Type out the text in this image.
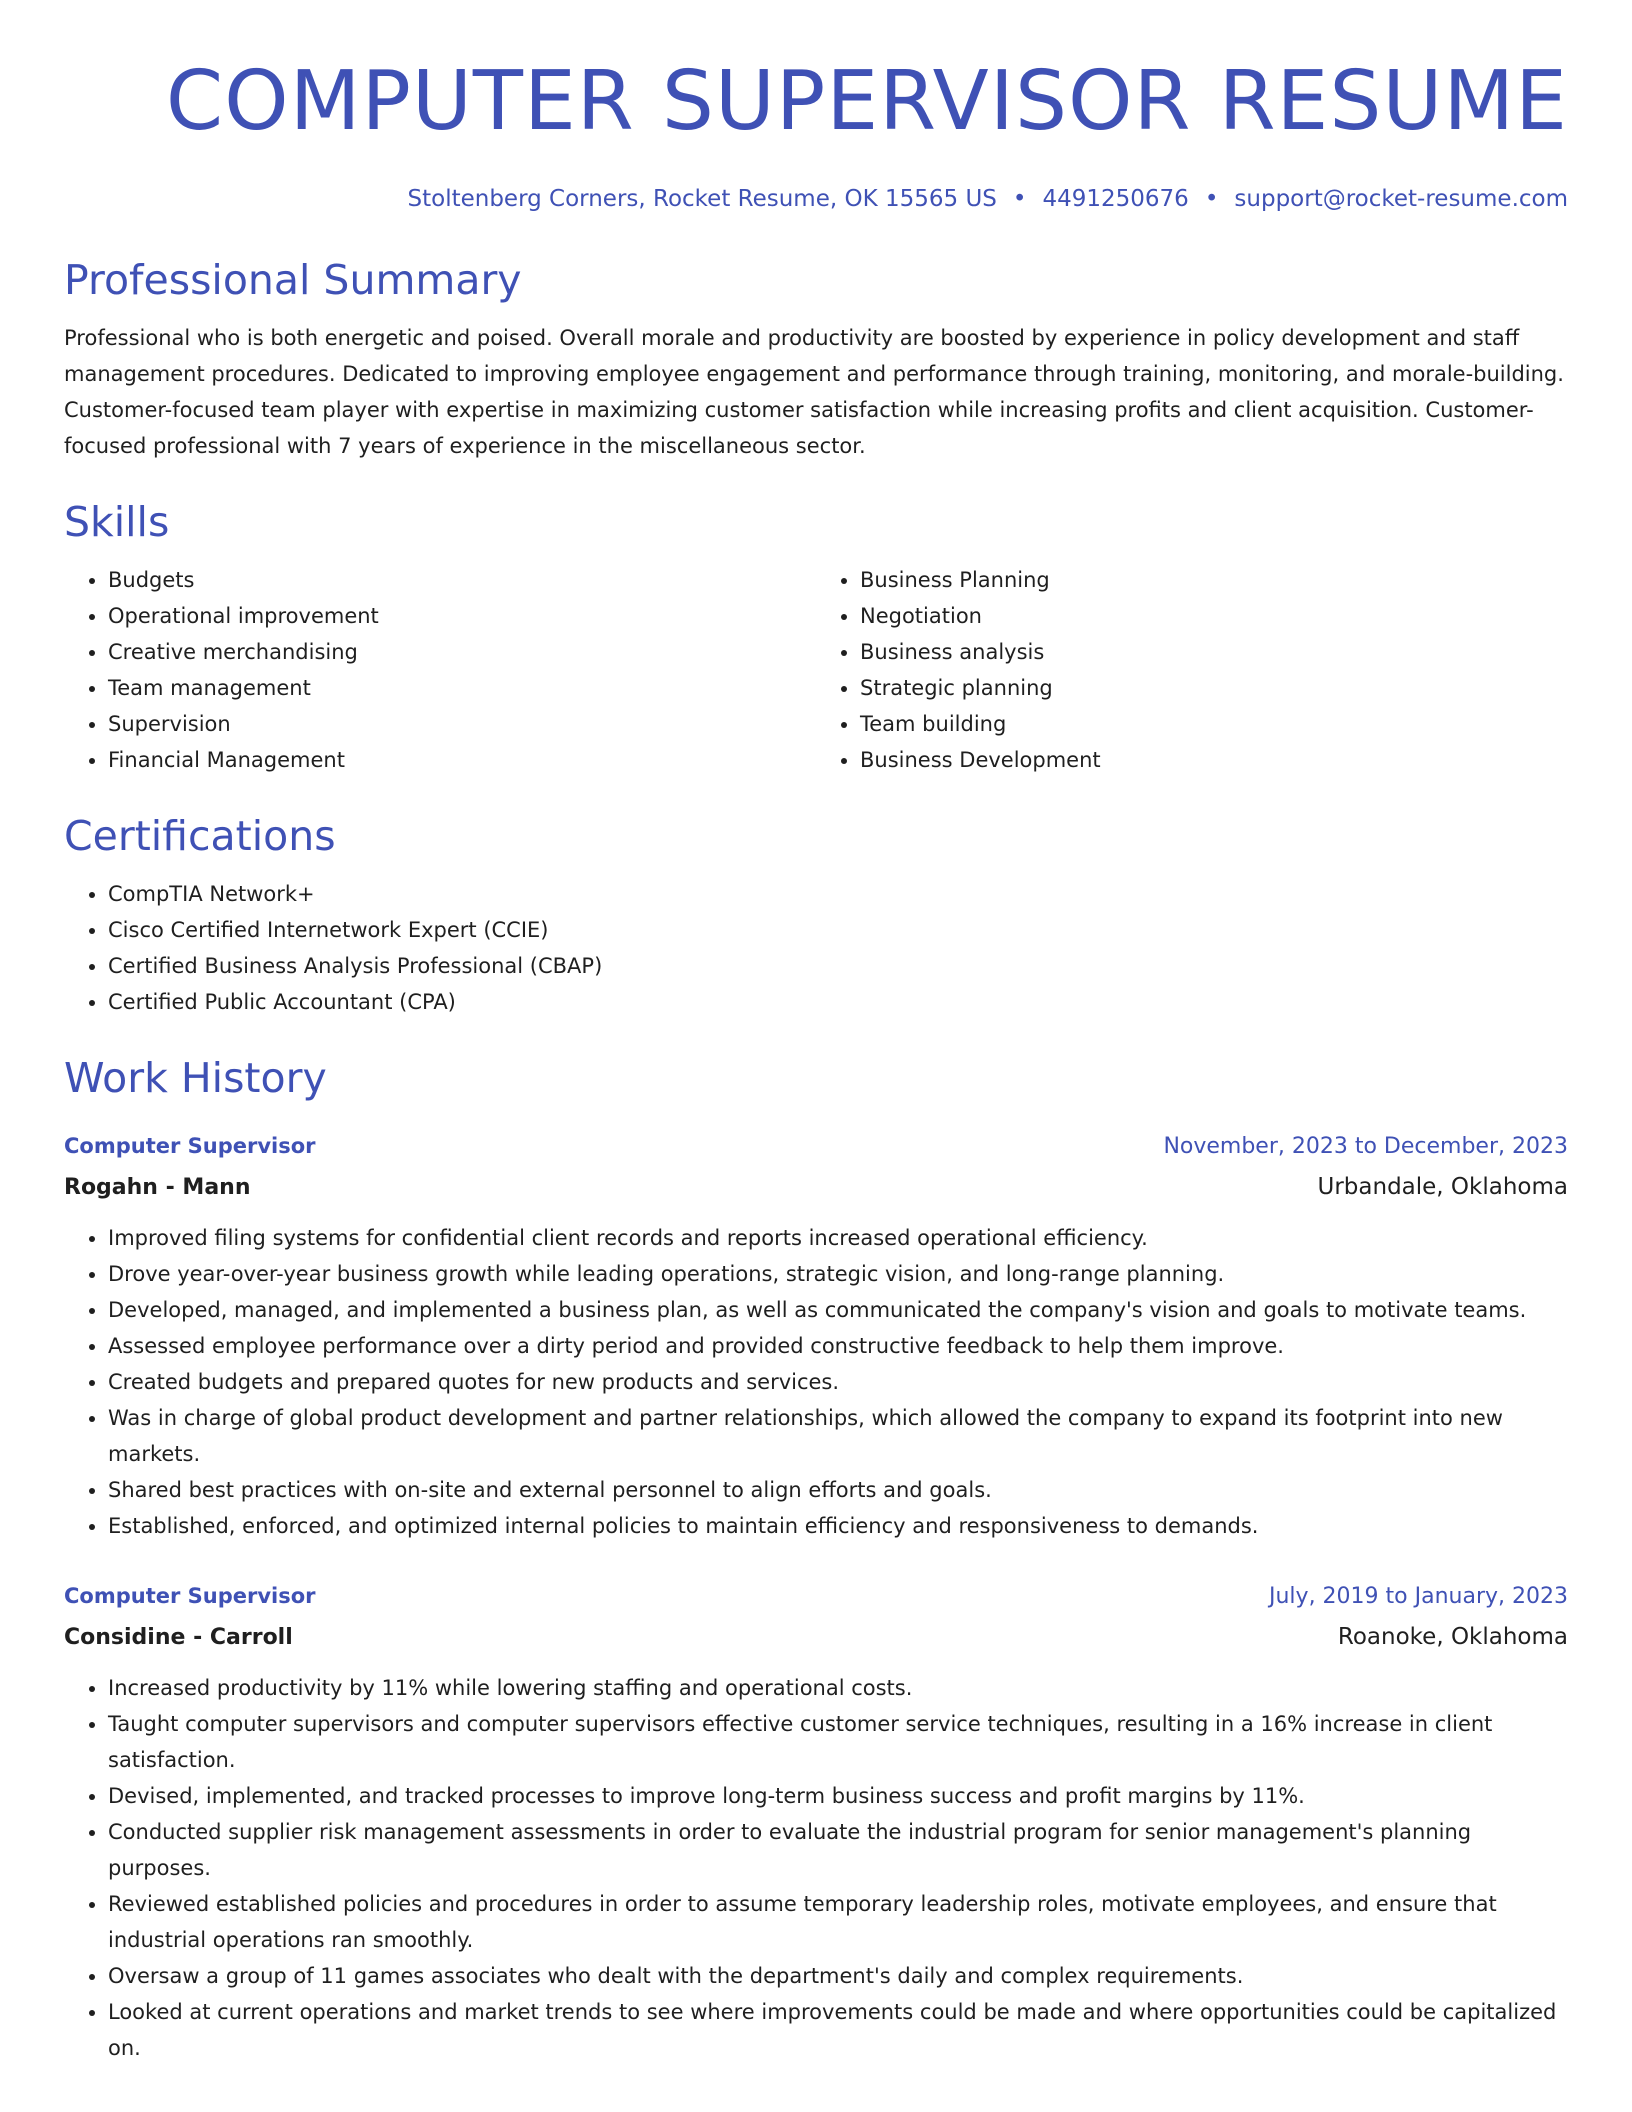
COMPUTER SUPERVISOR RESUME
Stoltenberg Corners, Rocket Resume, OK 15565 US • 4491250676 • support@rocket-resume.com
Professional Summary

Professional who is both energetic and poised. Overall morale and productivity are boosted by experience in policy development and staff management procedures. Dedicated to improving employee engagement and performance through training, monitoring, and morale-building. Customer-focused team player with expertise in maximizing customer satisfaction while increasing profits and client acquisition. Customer-focused professional with 7 years of experience in the miscellaneous sector.

Skills
• Budgets
• Operational improvement
• Creative merchandising
• Team management
• Supervision
• Financial Management
• Business Planning
• Negotiation
• Business analysis
• Strategic planning
• Team building
• Business Development
Certifications
• CompTIA Network+
• Cisco Certified Internetwork Expert (CCIE)
• Certified Business Analysis Professional (CBAP)
• Certified Public Accountant (CPA)
Work History
Computer Supervisor	November, 2023 to December, 2023
Rogahn - Mann	Urbandale, Oklahoma
• Improved filing systems for confidential client records and reports increased operational efficiency.
• Drove year-over-year business growth while leading operations, strategic vision, and long-range planning.
• Developed, managed, and implemented a business plan, as well as communicated the company's vision and goals to motivate teams.
• Assessed employee performance over a dirty period and provided constructive feedback to help them improve.
• Created budgets and prepared quotes for new products and services.
• Was in charge of global product development and partner relationships, which allowed the company to expand its footprint into new markets.
• Shared best practices with on-site and external personnel to align efforts and goals.
• Established, enforced, and optimized internal policies to maintain efficiency and responsiveness to demands.
Computer Supervisor	July, 2019 to January, 2023
Considine - Carroll	Roanoke, Oklahoma
• Increased productivity by 11% while lowering staffing and operational costs.
• Taught computer supervisors and computer supervisors effective customer service techniques, resulting in a 16% increase in client satisfaction.
• Devised, implemented, and tracked processes to improve long-term business success and profit margins by 11%.
• Conducted supplier risk management assessments in order to evaluate the industrial program for senior management's planning purposes.
• Reviewed established policies and procedures in order to assume temporary leadership roles, motivate employees, and ensure that industrial operations ran smoothly.
• Oversaw a group of 11 games associates who dealt with the department's daily and complex requirements.
• Looked at current operations and market trends to see where improvements could be made and where opportunities could be capitalized on.
